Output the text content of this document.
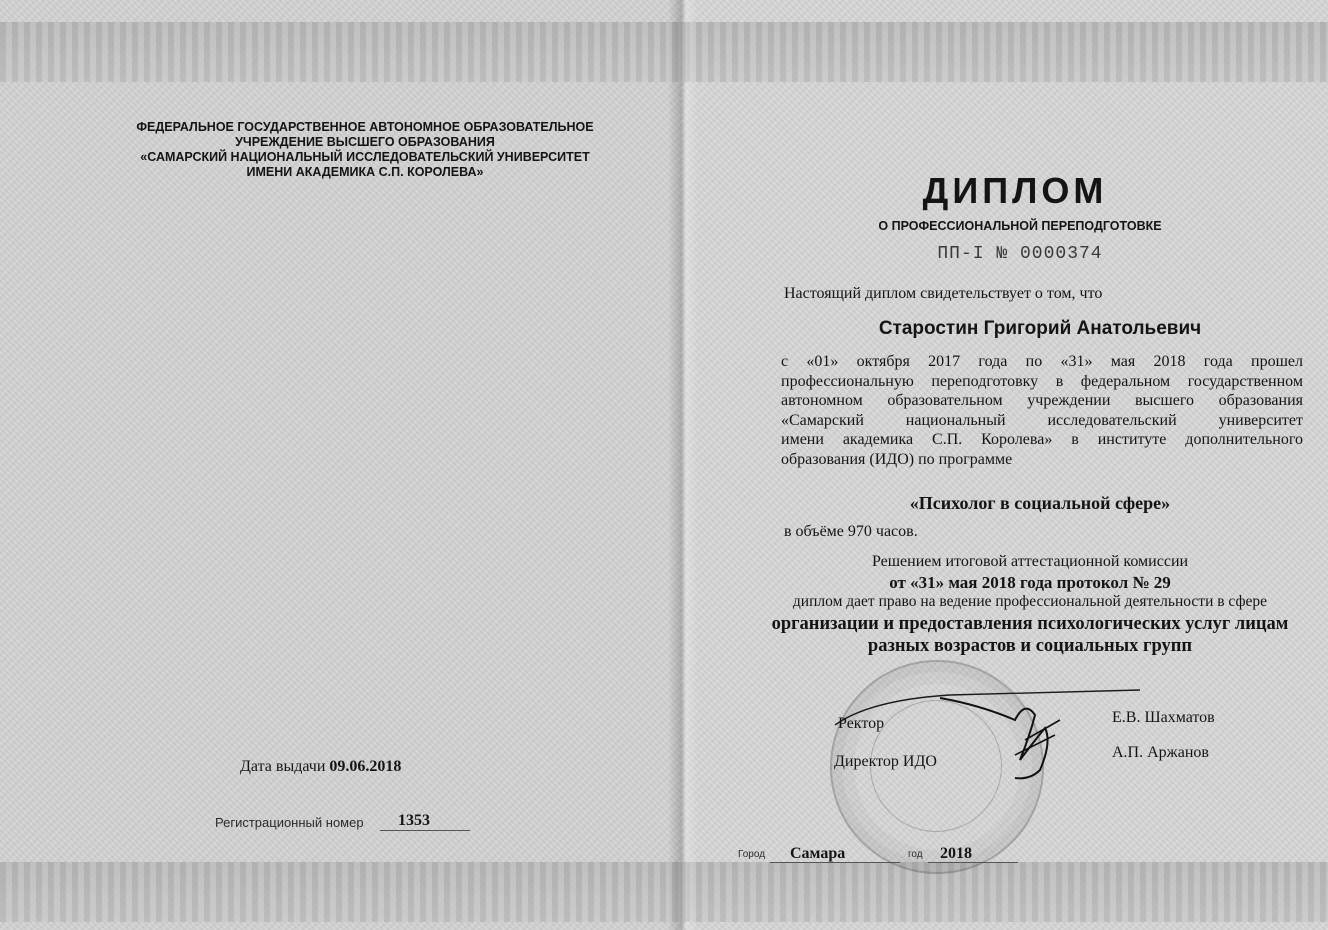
ФЕДЕРАЛЬНОЕ ГОСУДАРСТВЕННОЕ АВТОНОМНОЕ ОБРАЗОВАТЕЛЬНОЕ
УЧРЕЖДЕНИЕ ВЫСШЕГО ОБРАЗОВАНИЯ
«САМАРСКИЙ НАЦИОНАЛЬНЫЙ ИССЛЕДОВАТЕЛЬСКИЙ УНИВЕРСИТЕТ
ИМЕНИ АКАДЕМИКА С.П. КОРОЛЕВА»
Дата выдачи 09.06.2018
Регистрационный номер 1353
ДИПЛОМ
О ПРОФЕССИОНАЛЬНОЙ ПЕРЕПОДГОТОВКЕ
ПП-I № 0000374
Настоящий диплом свидетельствует о том, что
Старостин Григорий Анатольевич
с «01» октября 2017 года по «31» мая 2018 года прошел
профессиональную переподготовку в федеральном государственном
автономном образовательном учреждении высшего образования
«Самарский национальный исследовательский университет
имени академика С.П. Королева» в институте дополнительного
образования (ИДО) по программе
«Психолог в социальной сфере»
в объёме 970 часов.
Решением итоговой аттестационной комиссии
от «31» мая 2018 года протокол № 29
диплом дает право на ведение профессиональной деятельности в сфере
организации и предоставления психологических услуг лицам
разных возрастов и социальных групп
Ректор	Е.В. Шахматов
Директор ИДО
А.П. Аржанов
Город Самара	год 2018
